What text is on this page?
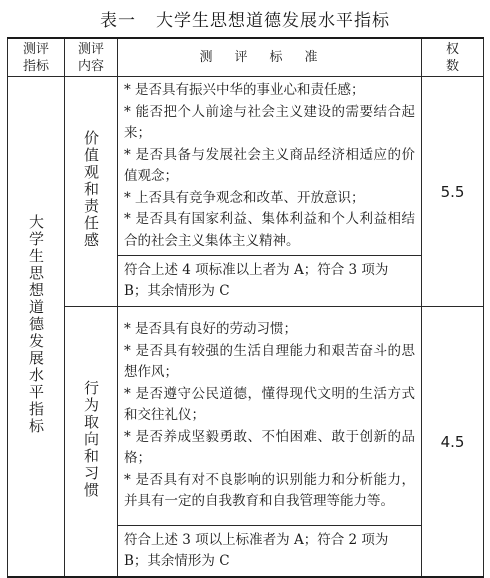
表一 大学生思想道德发展水平指标
测评指标	测评内容	测评标准	权数

大学生思想道德发展水平指标	价值观和责任感	* 是否具有振兴中华的事业心和责任感；

* 能否把个人前途与社会主义建设的需要结合起来；

* 是否具备与发展社会主义商品经济相适应的价值观念；

* 上否具有竞争观念和改革、开放意识；

* 是否具有国家利益、集体利益和个人利益相结合的社会主义集体主义精神。	5.5
		符合上述 4 项标准以上者为 A；符合 3 项为 B；其余情形为 C	
	行为取向和习惯	* 是否具有良好的劳动习惯；

* 是否具有较强的生活自理能力和艰苦奋斗的思想作风；

* 是否遵守公民道德，懂得现代文明的生活方式和交往礼仪；

* 是否养成坚毅勇敢、不怕困难、敢于创新的品格；

* 是否具有对不良影响的识别能力和分析能力，并具有一定的自我教育和自我管理等能力等。	4.5
		符合上述 3 项以上标准者为 A；符合 2 项为 B；其余情形为 C	
